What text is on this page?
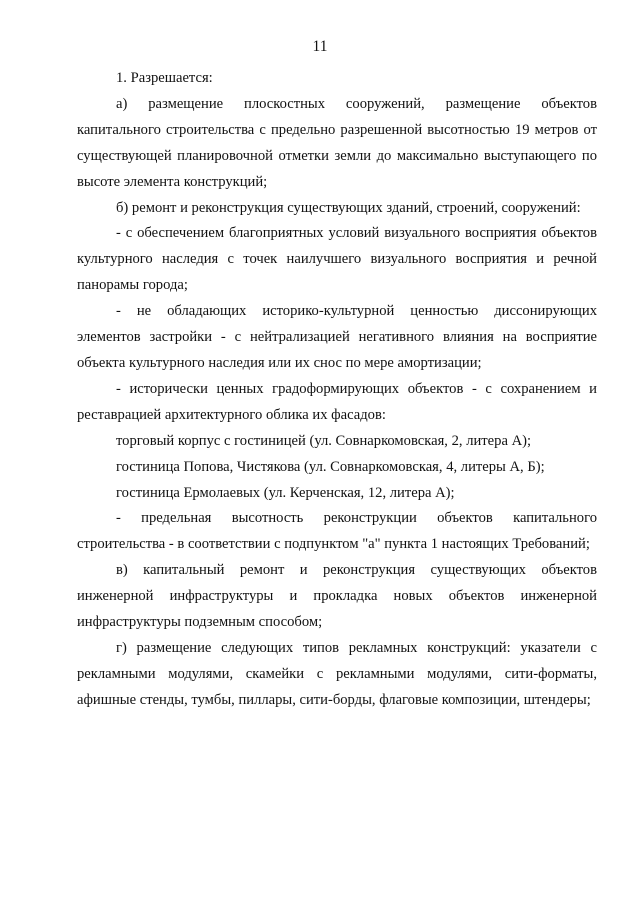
11

1. Разрешается:

а) размещение плоскостных сооружений, размещение объектов капитального строительства с предельно разрешенной высотностью 19 метров от существующей планировочной отметки земли до максимально выступающего по высоте элемента конструкций;

б) ремонт и реконструкция существующих зданий, строений, сооружений:

- с обеспечением благоприятных условий визуального восприятия объектов культурного наследия с точек наилучшего визуального восприятия и речной панорамы города;

- не обладающих историко-культурной ценностью диссонирующих элементов застройки - с нейтрализацией негативного влияния на восприятие объекта культурного наследия или их снос по мере амортизации;

- исторически ценных градоформирующих объектов - с сохранением и реставрацией архитектурного облика их фасадов:

торговый корпус с гостиницей (ул. Совнаркомовская, 2, литера А);

гостиница Попова, Чистякова (ул. Совнаркомовская, 4, литеры А, Б);

гостиница Ермолаевых (ул. Керченская, 12, литера А);

- предельная высотность реконструкции объектов капитального строительства - в соответствии с подпунктом "а" пункта 1 настоящих Требований;

в) капитальный ремонт и реконструкция существующих объектов инженерной инфраструктуры и прокладка новых объектов инженерной инфраструктуры подземным способом;

г) размещение следующих типов рекламных конструкций: указатели с рекламными модулями, скамейки с рекламными модулями, сити-форматы, афишные стенды, тумбы, пиллары, сити-борды, флаговые композиции, штендеры;
